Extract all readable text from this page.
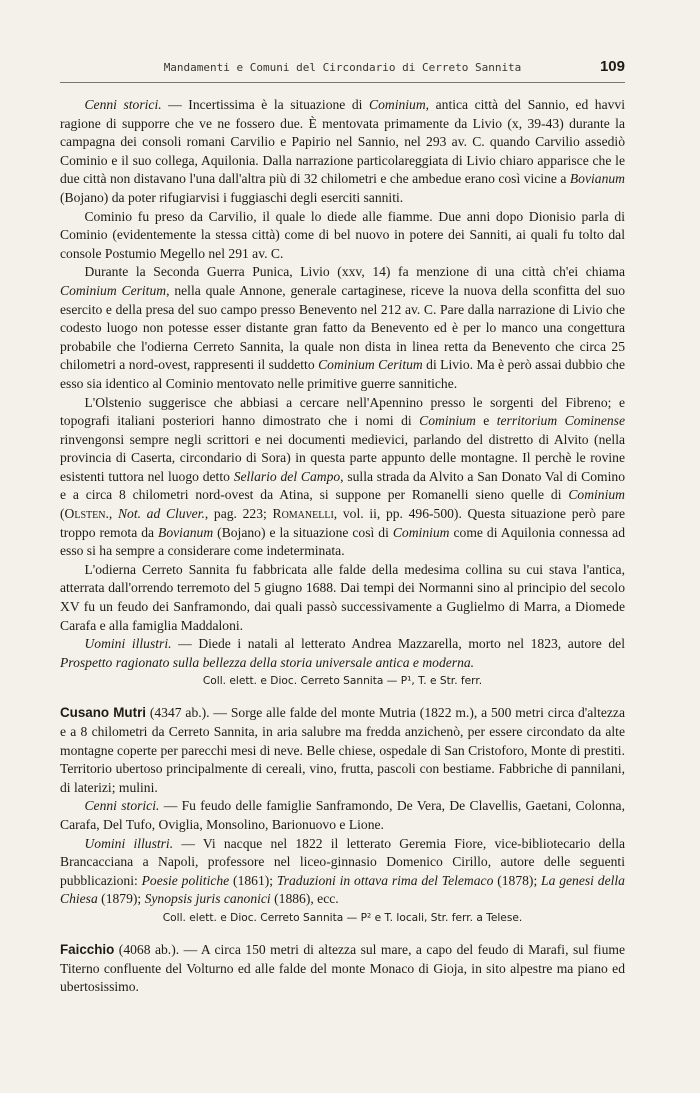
Mandamenti e Comuni del Circondario di Cerreto Sannita	109

Cenni storici. — Incertissima è la situazione di Cominium, antica città del Sannio, ed havvi ragione di supporre che ve ne fossero due. È mentovata primamente da Livio (x, 39-43) durante la campagna dei consoli romani Carvilio e Papirio nel Sannio, nel 293 av. C. quando Carvilio assediò Cominio e il suo collega, Aquilonia. Dalla narrazione particolareggiata di Livio chiaro apparisce che le due città non distavano l'una dall'altra più di 32 chilometri e che ambedue erano così vicine a Bovianum (Bojano) da poter rifugiarvisi i fuggiaschi degli eserciti sanniti.

Cominio fu preso da Carvilio, il quale lo diede alle fiamme. Due anni dopo Dionisio parla di Cominio (evidentemente la stessa città) come di bel nuovo in potere dei Sanniti, ai quali fu tolto dal console Postumio Megello nel 291 av. C.

Durante la Seconda Guerra Punica, Livio (xxv, 14) fa menzione di una città ch'ei chiama Cominium Ceritum, nella quale Annone, generale cartaginese, riceve la nuova della sconfitta del suo esercito e della presa del suo campo presso Benevento nel 212 av. C. Pare dalla narrazione di Livio che codesto luogo non potesse esser distante gran fatto da Benevento ed è per lo manco una congettura probabile che l'odierna Cerreto Sannita, la quale non dista in linea retta da Benevento che circa 25 chilometri a nord-ovest, rappresenti il suddetto Cominium Ceritum di Livio. Ma è però assai dubbio che esso sia identico al Cominio mentovato nelle primitive guerre sannitiche.

L'Olstenio suggerisce che abbiasi a cercare nell'Apennino presso le sorgenti del Fibreno; e topografi italiani posteriori hanno dimostrato che i nomi di Cominium e territorium Cominense rinvengonsi sempre negli scrittori e nei documenti medievici, parlando del distretto di Alvito (nella provincia di Caserta, circondario di Sora) in questa parte appunto delle montagne. Il perchè le rovine esistenti tuttora nel luogo detto Sellario del Campo, sulla strada da Alvito a San Donato Val di Comino e a circa 8 chilometri nord-ovest da Atina, si suppone per Romanelli sieno quelle di Cominium (Olsten., Not. ad Cluver., pag. 223; Romanelli, vol. ii, pp. 496-500). Questa situazione però pare troppo remota da Bovianum (Bojano) e la situazione così di Cominium come di Aquilonia connessa ad esso si ha sempre a considerare come indeterminata.

L'odierna Cerreto Sannita fu fabbricata alle falde della medesima collina su cui stava l'antica, atterrata dall'orrendo terremoto del 5 giugno 1688. Dai tempi dei Normanni sino al principio del secolo XV fu un feudo dei Sanframondo, dai quali passò successivamente a Guglielmo di Marra, a Diomede Carafa e alla famiglia Maddaloni.

Uomini illustri. — Diede i natali al letterato Andrea Mazzarella, morto nel 1823, autore del Prospetto ragionato sulla bellezza della storia universale antica e moderna.

Coll. elett. e Dioc. Cerreto Sannita — P¹, T. e Str. ferr.

Cusano Mutri (4347 ab.). — Sorge alle falde del monte Mutria (1822 m.), a 500 metri circa d'altezza e a 8 chilometri da Cerreto Sannita, in aria salubre ma fredda anzichenò, per essere circondato da alte montagne coperte per parecchi mesi di neve. Belle chiese, ospedale di San Cristoforo, Monte di prestiti. Territorio ubertoso principalmente di cereali, vino, frutta, pascoli con bestiame. Fabbriche di pannilani, di laterizi; mulini.

Cenni storici. — Fu feudo delle famiglie Sanframondo, De Vera, De Clavellis, Gaetani, Colonna, Carafa, Del Tufo, Oviglia, Monsolino, Barionuovo e Lione.

Uomini illustri. — Vi nacque nel 1822 il letterato Geremia Fiore, vice-bibliotecario della Brancacciana a Napoli, professore nel liceo-ginnasio Domenico Cirillo, autore delle seguenti pubblicazioni: Poesie politiche (1861); Traduzioni in ottava rima del Telemaco (1878); La genesi della Chiesa (1879); Synopsis juris canonici (1886), ecc.

Coll. elett. e Dioc. Cerreto Sannita — P² e T. locali, Str. ferr. a Telese.

Faicchio (4068 ab.). — A circa 150 metri di altezza sul mare, a capo del feudo di Marafi, sul fiume Titerno confluente del Volturno ed alle falde del monte Monaco di Gioja, in sito alpestre ma piano ed ubertosissimo.
